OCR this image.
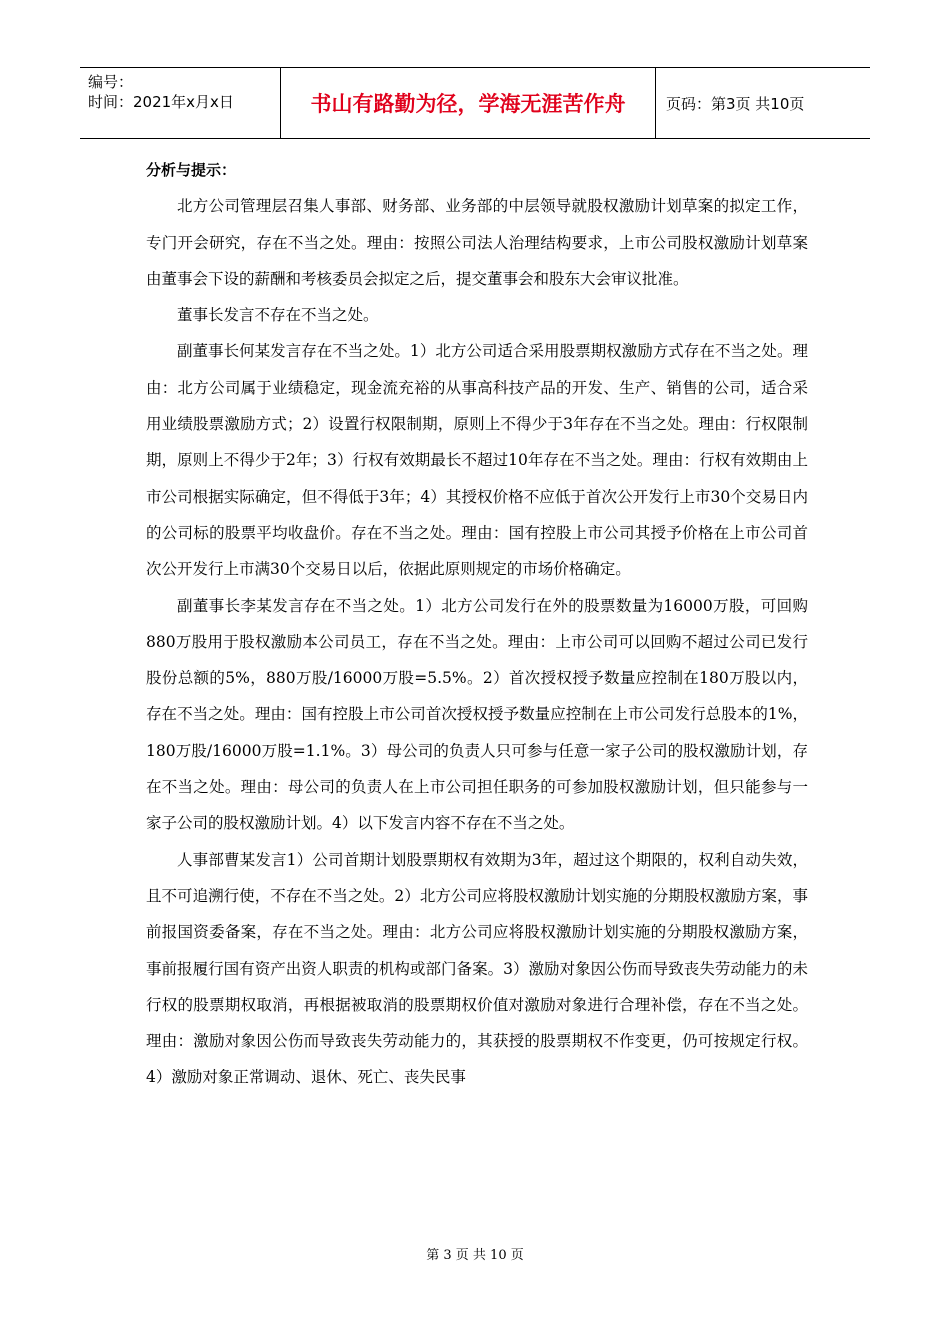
编号：
时间：2021年x月x日	书山有路勤为径，学海无涯苦作舟	页码：第3页 共10页

分析与提示：

北方公司管理层召集人事部、财务部、业务部的中层领导就股权激励计划草案的拟定工作，专门开会研究，存在不当之处。理由：按照公司法人治理结构要求，上市公司股权激励计划草案由董事会下设的薪酬和考核委员会拟定之后，提交董事会和股东大会审议批准。

董事长发言不存在不当之处。

副董事长何某发言存在不当之处。1）北方公司适合采用股票期权激励方式存在不当之处。理由：北方公司属于业绩稳定，现金流充裕的从事高科技产品的开发、生产、销售的公司，适合采用业绩股票激励方式；2）设置行权限制期，原则上不得少于3年存在不当之处。理由：行权限制期，原则上不得少于2年；3）行权有效期最长不超过10年存在不当之处。理由：行权有效期由上市公司根据实际确定，但不得低于3年；4）其授权价格不应低于首次公开发行上市30个交易日内的公司标的股票平均收盘价。存在不当之处。理由：国有控股上市公司其授予价格在上市公司首次公开发行上市满30个交易日以后，依据此原则规定的市场价格确定。

副董事长李某发言存在不当之处。1）北方公司发行在外的股票数量为16000万股，可回购880万股用于股权激励本公司员工，存在不当之处。理由：上市公司可以回购不超过公司已发行股份总额的5%，880万股/16000万股=5.5%。2）首次授权授予数量应控制在180万股以内，存在不当之处。理由：国有控股上市公司首次授权授予数量应控制在上市公司发行总股本的1%，180万股/16000万股=1.1%。3）母公司的负责人只可参与任意一家子公司的股权激励计划，存在不当之处。理由：母公司的负责人在上市公司担任职务的可参加股权激励计划，但只能参与一家子公司的股权激励计划。4）以下发言内容不存在不当之处。

人事部曹某发言1）公司首期计划股票期权有效期为3年，超过这个期限的，权利自动失效，且不可追溯行使，不存在不当之处。2）北方公司应将股权激励计划实施的分期股权激励方案，事前报国资委备案，存在不当之处。理由：北方公司应将股权激励计划实施的分期股权激励方案，事前报履行国有资产出资人职责的机构或部门备案。3）激励对象因公伤而导致丧失劳动能力的未行权的股票期权取消，再根据被取消的股票期权价值对激励对象进行合理补偿，存在不当之处。理由：激励对象因公伤而导致丧失劳动能力的，其获授的股票期权不作变更，仍可按规定行权。4）激励对象正常调动、退休、死亡、丧失民事

第 3 页 共 10 页
